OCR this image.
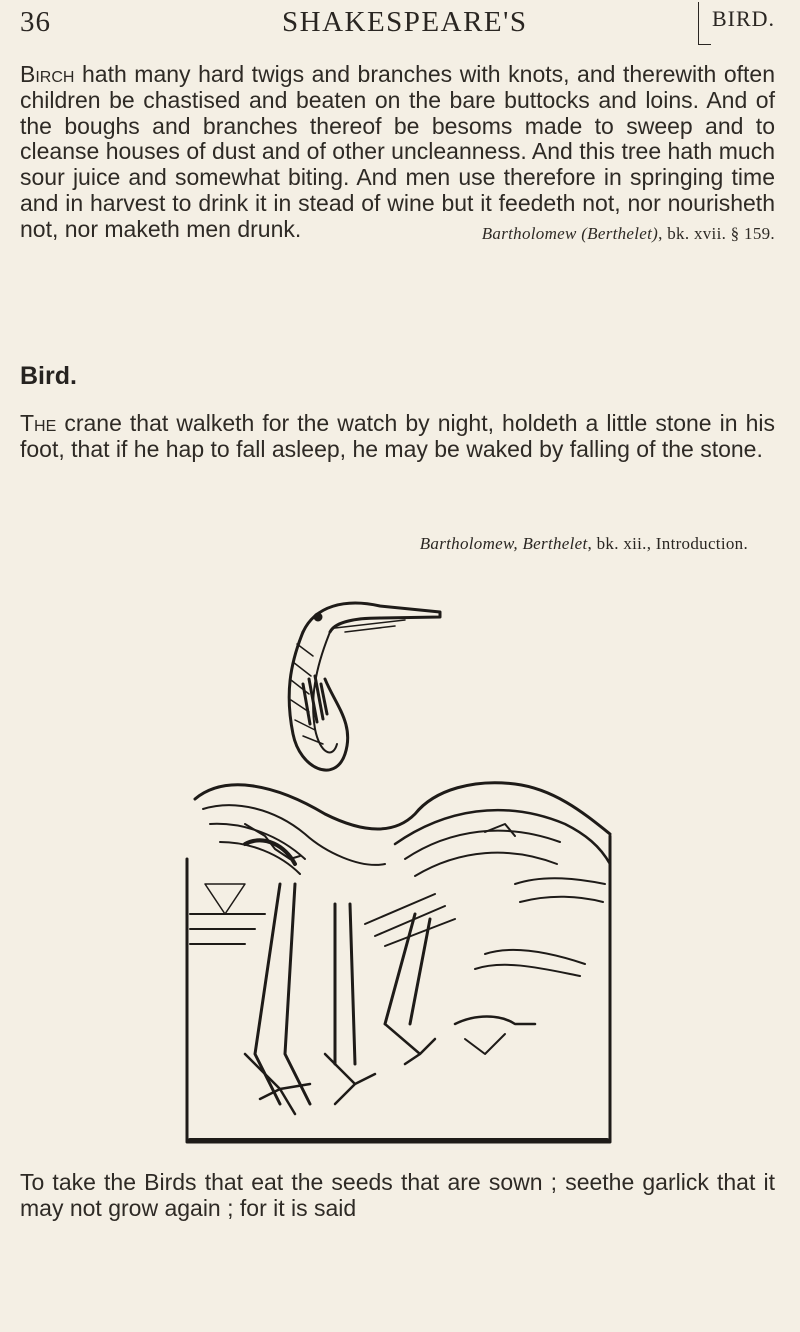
36	SHAKESPEARE'S	BIRD.
Birch hath many hard twigs and branches with knots, and therewith often children be chastised and beaten on the bare buttocks and loins. And of the boughs and branches thereof be besoms made to sweep and to cleanse houses of dust and of other uncleanness. And this tree hath much sour juice and somewhat biting. And men use therefore in springing time and in harvest to drink it in stead of wine but it feedeth not, nor nourisheth not, nor maketh men drunk.	Bartholomew (Berthelet), bk. xvii. § 159.
Bird.
The crane that walketh for the watch by night, holdeth a little stone in his foot, that if he hap to fall asleep, he may be waked by falling of the stone.
Bartholomew, Berthelet, bk. xii., Introduction.
To take the Birds that eat the seeds that are sown ; seethe garlick that it may not grow again ; for it is said
